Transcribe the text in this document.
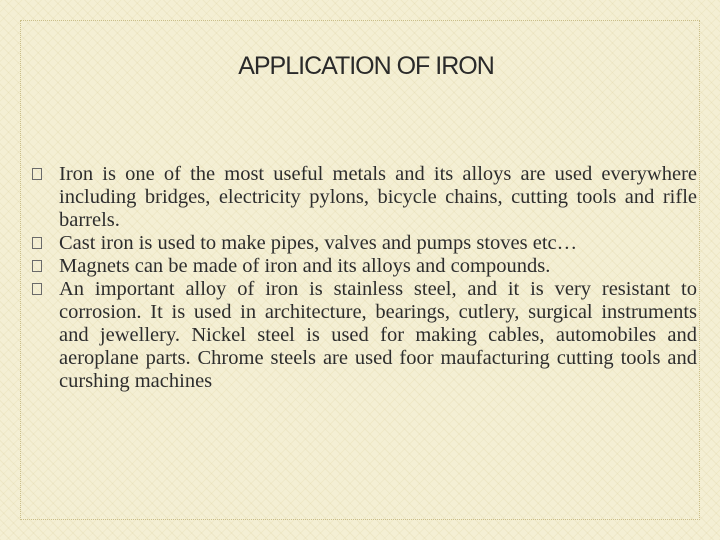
APPLICATION OF IRON
Iron is one of the most useful metals and its alloys are used everywhere including bridges, electricity pylons, bicycle chains, cutting tools and rifle barrels.
Cast iron is used to make pipes, valves and pumps stoves etc…
Magnets can be made of iron and its alloys and compounds.
An important alloy of iron is stainless steel, and it is very resistant to corrosion. It is used in architecture, bearings, cutlery, surgical instruments and jewellery. Nickel steel is used for making cables, automobiles and aeroplane parts. Chrome steels are used foor maufacturing cutting tools and curshing machines
